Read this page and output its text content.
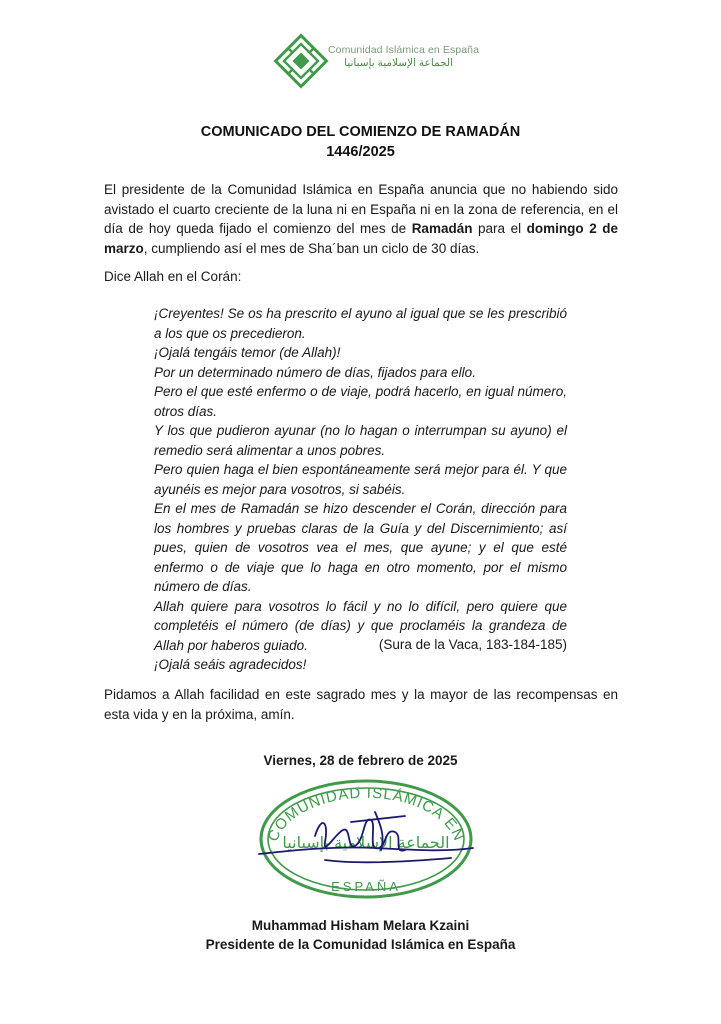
Comunidad Islámica en España
الجماعة الإسلامية بإسبانيا
COMUNICADO DEL COMIENZO DE RAMADÁN
1446/2025
El presidente de la Comunidad Islámica en España anuncia que no habiendo sido avistado el cuarto creciente de la luna ni en España ni en la zona de referencia, en el día de hoy queda fijado el comienzo del mes de Ramadán para el domingo 2 de marzo, cumpliendo así el mes de Sha´ban un ciclo de 30 días.
Dice Allah en el Corán:
¡Creyentes! Se os ha prescrito el ayuno al igual que se les prescribió a los que os precedieron.
¡Ojalá tengáis temor (de Allah)!
Por un determinado número de días, fijados para ello.
Pero el que esté enfermo o de viaje, podrá hacerlo, en igual número, otros días.
Y los que pudieron ayunar (no lo hagan o interrumpan su ayuno) el remedio será alimentar a unos pobres.
Pero quien haga el bien espontáneamente será mejor para él. Y que ayunéis es mejor para vosotros, si sabéis.
En el mes de Ramadán se hizo descender el Corán, dirección para los hombres y pruebas claras de la Guía y del Discernimiento; así pues, quien de vosotros vea el mes, que ayune; y el que esté enfermo o de viaje que lo haga en otro momento, por el mismo número de días.
Allah quiere para vosotros lo fácil y no lo difícil, pero quiere que completéis el número (de días) y que proclaméis la grandeza de Allah por haberos guiado.
¡Ojalá seáis agradecidos!
(Sura de la Vaca, 183-184-185)
Pidamos a Allah facilidad en este sagrado mes y la mayor de las recompensas en esta vida y en la próxima, amín.
Viernes, 28 de febrero de 2025
COMUNIDAD ISLÁMICA EN
ESPAÑA
الجماعة الإسلامية بإسبانيا
Muhammad Hisham Melara Kzaini
Presidente de la Comunidad Islámica en España
